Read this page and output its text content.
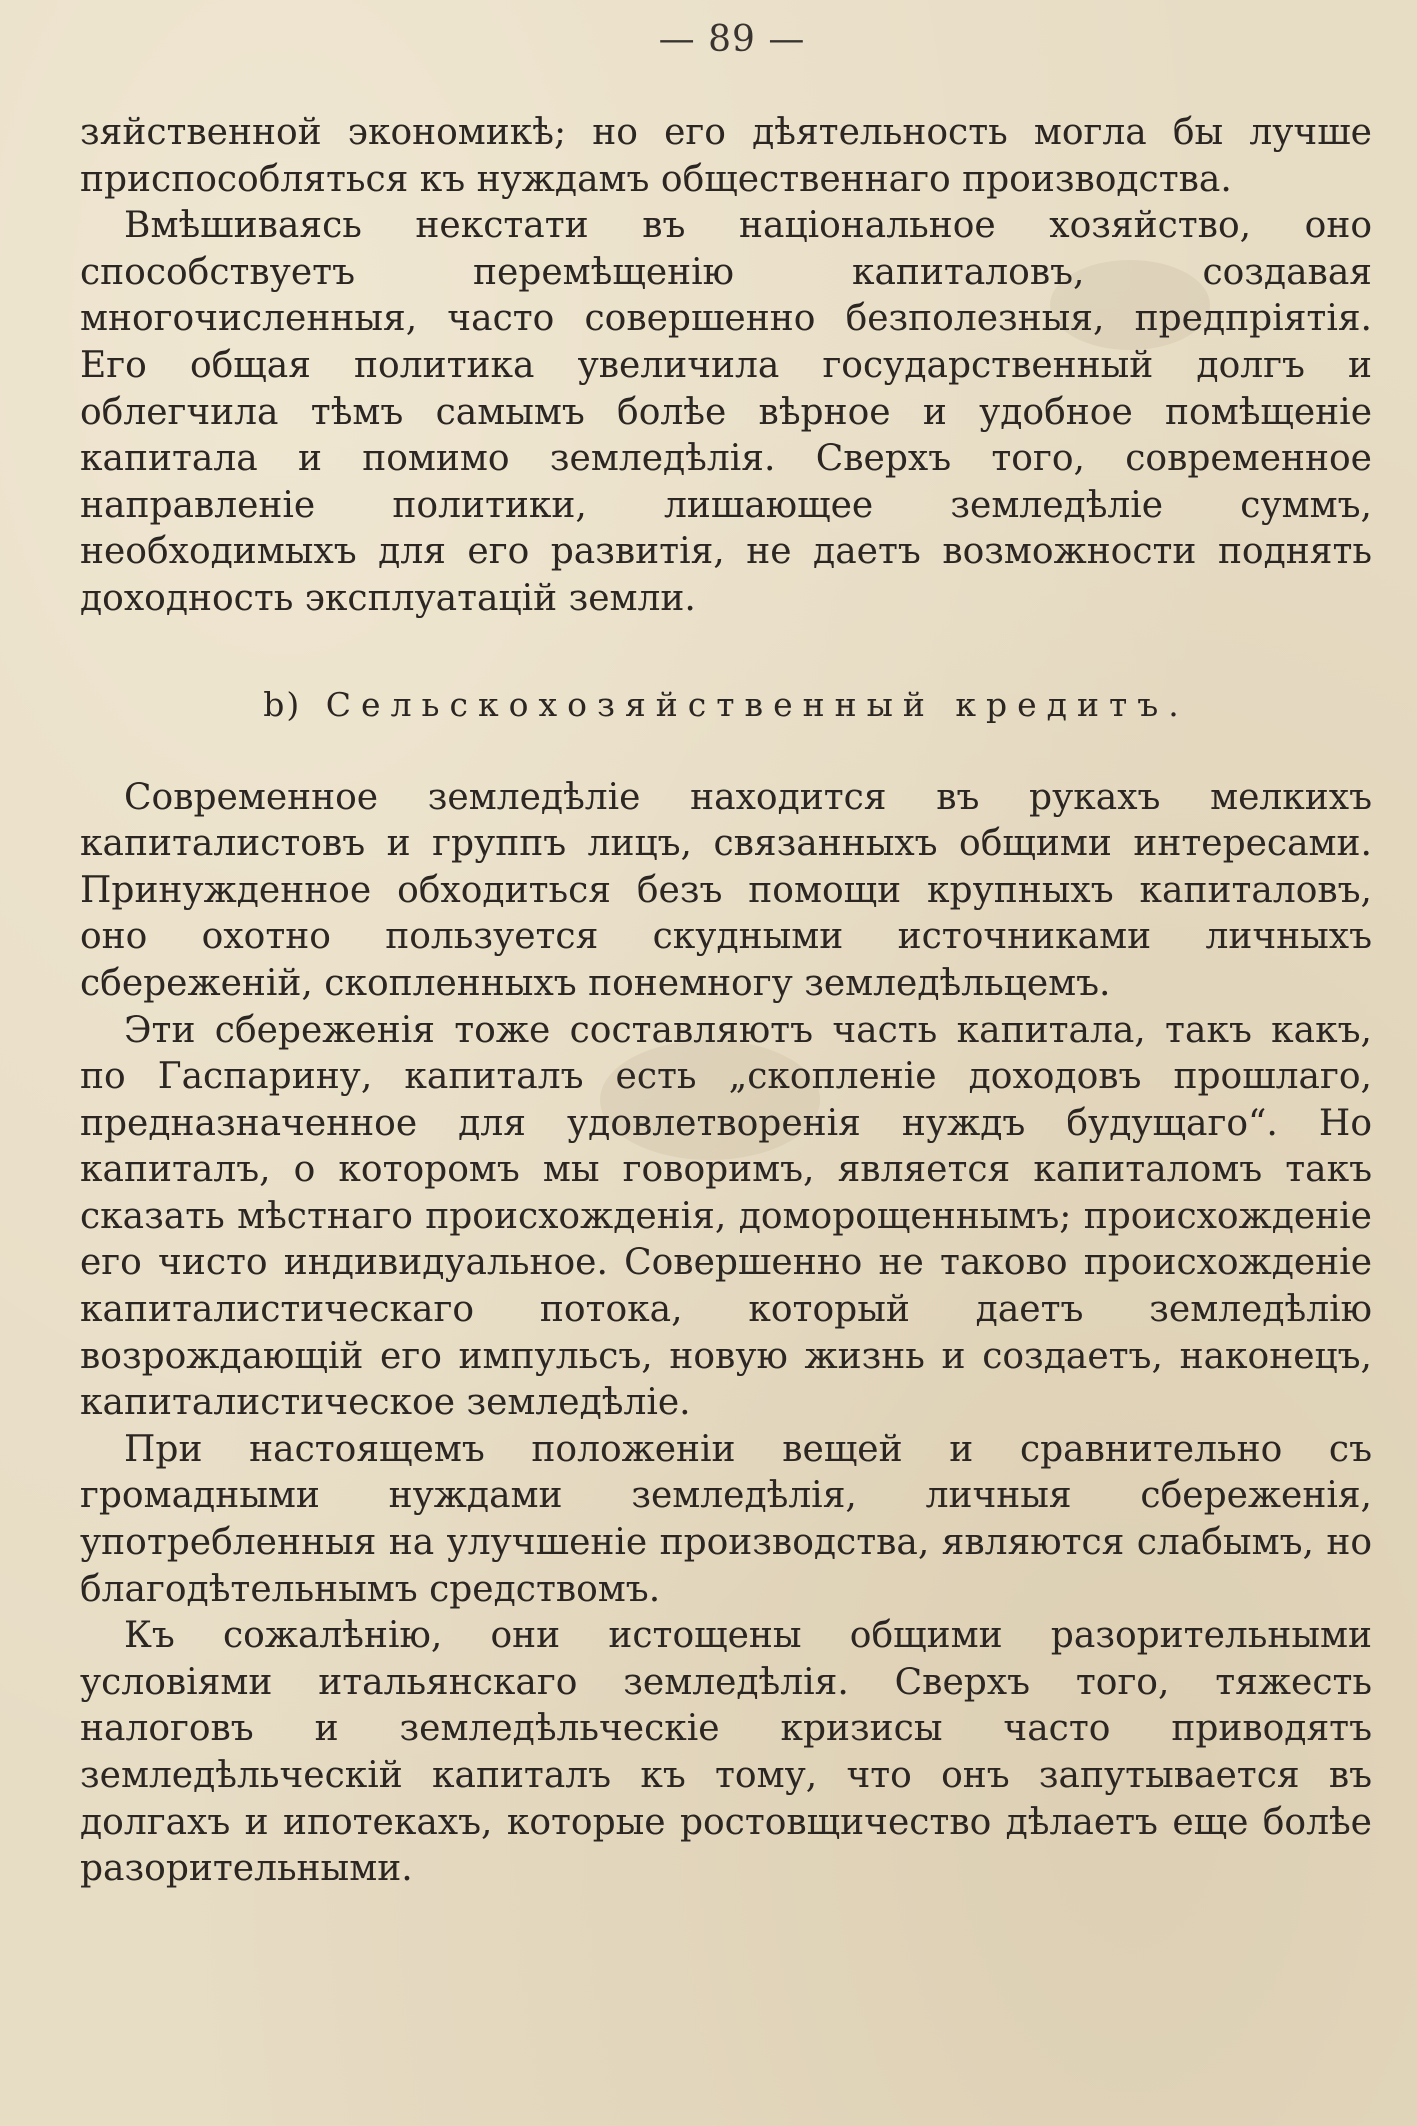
— 89 —

зяйственной экономикѣ; но его дѣятельность могла бы лучше приспособляться къ нуждамъ общественнаго производства.

Вмѣшиваясь некстати въ національное хозяйство, оно способствуетъ перемѣщенію капиталовъ, создавая многочисленныя, часто совершенно безполезныя, предпріятія. Его общая политика увеличила государственный долгъ и облегчила тѣмъ самымъ болѣе вѣрное и удобное помѣщеніе капитала и помимо земледѣлія. Сверхъ того, современное направленіе политики, лишающее земледѣліе суммъ, необходимыхъ для его развитія, не даетъ возможности поднять доходность эксплуатацій земли.

b) Сельскохозяйственный кредитъ.

Современное земледѣліе находится въ рукахъ мелкихъ капиталистовъ и группъ лицъ, связанныхъ общими интересами. Принужденное обходиться безъ помощи крупныхъ капиталовъ, оно охотно пользуется скудными источниками личныхъ сбереженій, скопленныхъ понемногу земледѣльцемъ.

Эти сбереженія тоже составляютъ часть капитала, такъ какъ, по Гаспарину, капиталъ есть „скопленіе доходовъ прошлаго, предназначенное для удовлетворенія нуждъ будущаго“. Но капиталъ, о которомъ мы говоримъ, является капиталомъ такъ сказать мѣстнаго происхожденія, доморощеннымъ; происхожденіе его чисто индивидуальное. Совершенно не таково происхожденіе капиталистическаго потока, который даетъ земледѣлію возрождающій его импульсъ, новую жизнь и создаетъ, наконецъ, капиталистическое земледѣліе.

При настоящемъ положеніи вещей и сравнительно съ громадными нуждами земледѣлія, личныя сбереженія, употребленныя на улучшеніе производства, являются слабымъ, но благодѣтельнымъ средствомъ.

Къ сожалѣнію, они истощены общими разорительными условіями итальянскаго земледѣлія. Сверхъ того, тяжесть налоговъ и земледѣльческіе кризисы часто приводятъ земледѣльческій капиталъ къ тому, что онъ запутывается въ долгахъ и ипотекахъ, которые ростовщичество дѣлаетъ еще болѣе разорительными.
